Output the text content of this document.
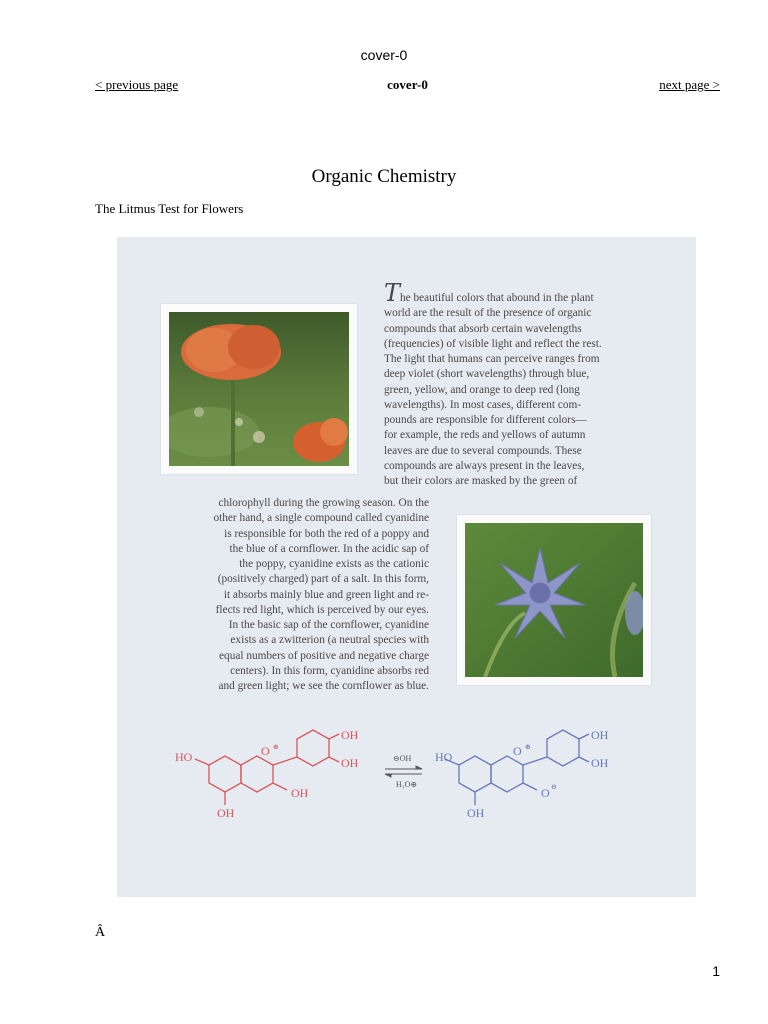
cover-0
< previous page	cover-0	next page >
Organic Chemistry
The Litmus Test for Flowers
The beautiful colors that abound in the plant
world are the result of the presence of organic
compounds that absorb certain wavelengths
(frequencies) of visible light and reflect the rest.
The light that humans can perceive ranges from
deep violet (short wavelengths) through blue,
green, yellow, and orange to deep red (long
wavelengths). In most cases, different com-
pounds are responsible for different colors—
for example, the reds and yellows of autumn
leaves are due to several compounds. These
compounds are always present in the leaves,
but their colors are masked by the green of
chlorophyll during the growing season. On the
other hand, a single compound called cyanidine
is responsible for both the red of a poppy and
the blue of a cornflower. In the acidic sap of
the poppy, cyanidine exists as the cationic
(positively charged) part of a salt. In this form,
it absorbs mainly blue and green light and re-
flects red light, which is perceived by our eyes.
In the basic sap of the cornflower, cyanidine
exists as a zwitterion (a neutral species with
equal numbers of positive and negative charge
centers). In this form, cyanidine absorbs red
and green light; we see the cornflower as blue.
HO	O ⊕
OH
OH
OH
OH
⊖OH
H₃O⊕
HO	O ⊕
OH
OH
O ⊖
OH
Â
1
